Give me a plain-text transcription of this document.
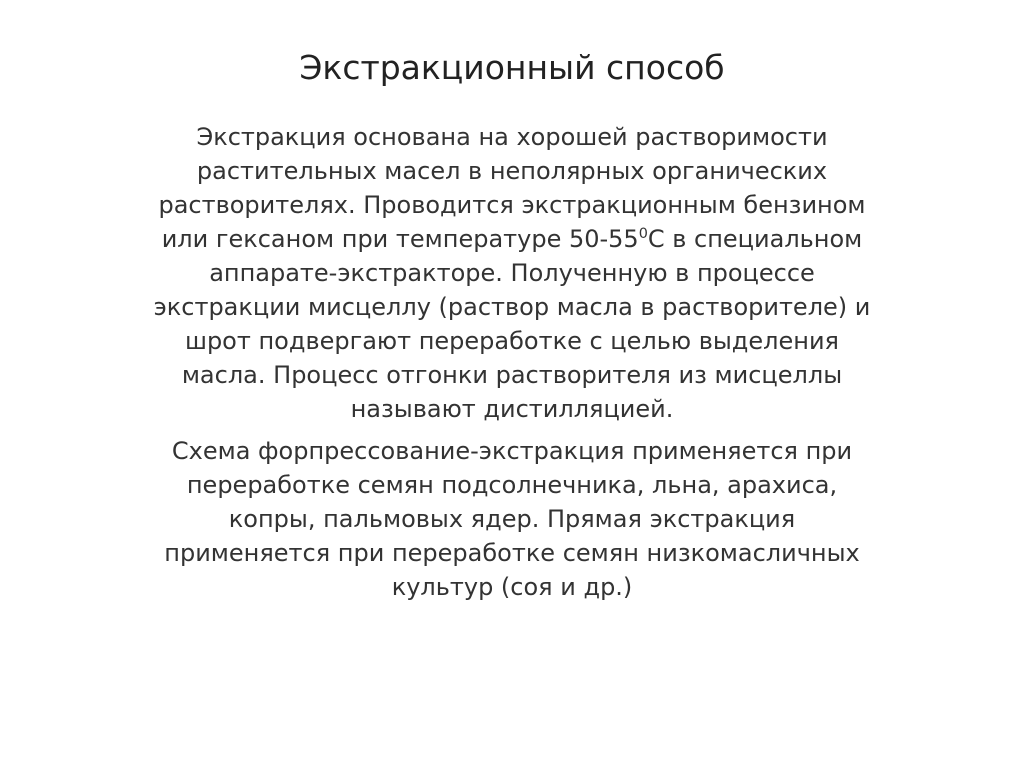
Экстракционный способ

Экстракция основана на хорошей растворимости
растительных масел в неполярных органических
растворителях. Проводится экстракционным бензином
или гексаном при температуре $50-55^0С$ в специальном
аппарате-экстракторе. Полученную в процессе
экстракции мисцеллу (раствор масла в растворителе) и
шрот подвергают переработке с целью выделения
масла. Процесс отгонки растворителя из мисцеллы
называют дистилляцией.

Схема форпрессование-экстракция применяется при
переработке семян подсолнечника, льна, арахиса,
копры, пальмовых ядер. Прямая экстракция
применяется при переработке семян низкомасличных
культур (соя и др.)
